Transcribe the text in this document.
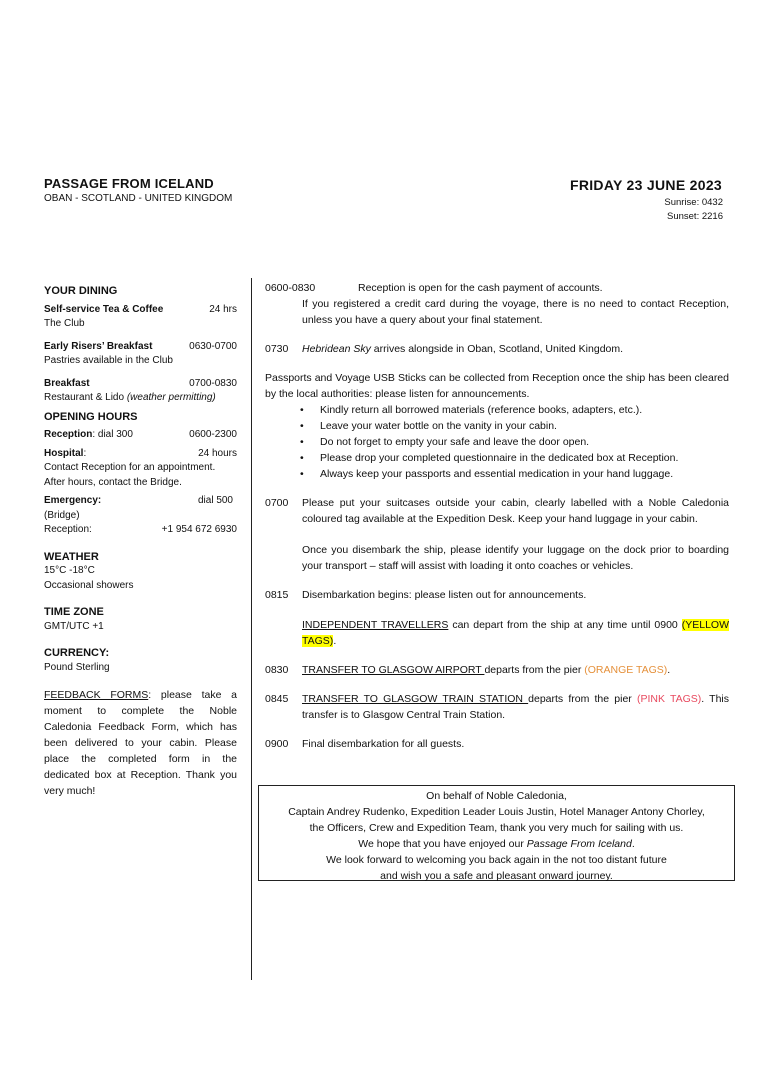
PASSAGE FROM ICELAND
OBAN - SCOTLAND - UNITED KINGDOM
FRIDAY 23 JUNE 2023
Sunrise: 0432
Sunset: 2216
YOUR DINING
Self-service Tea & Coffee	24 hrs
The Club
Early Risers’ Breakfast	0630-0700
Pastries available in the Club
Breakfast	0700-0830
Restaurant & Lido (weather permitting)
OPENING HOURS
Reception: dial 300	0600-2300
Hospital:	24 hours
Contact Reception for an appointment.
After hours, contact the Bridge.
Emergency:	dial 500
(Bridge)
Reception:	+1 954 672 6930
WEATHER
15°C -18°C
Occasional showers
TIME ZONE
GMT/UTC +1
CURRENCY:
Pound Sterling
FEEDBACK FORMS: please take a moment to complete the Noble Caledonia Feedback Form, which has been delivered to your cabin. Please place the completed form in the dedicated box at Reception. Thank you very much!
0600-0830	Reception is open for the cash payment of accounts.

If you registered a credit card during the voyage, there is no need to contact Reception, unless you have a query about your final statement.

0730	Hebridean Sky arrives alongside in Oban, Scotland, United Kingdom.

Passports and Voyage USB Sticks can be collected from Reception once the ship has been cleared by the local authorities: please listen for announcements.

• Kindly return all borrowed materials (reference books, adapters, etc.).
• Leave your water bottle on the vanity in your cabin.
• Do not forget to empty your safe and leave the door open.
• Please drop your completed questionnaire in the dedicated box at Reception.
• Always keep your passports and essential medication in your hand luggage.
0700	Please put your suitcases outside your cabin, clearly labelled with a Noble Caledonia coloured tag available at the Expedition Desk. Keep your hand luggage in your cabin.

Once you disembark the ship, please identify your luggage on the dock prior to boarding your transport – staff will assist with loading it onto coaches or vehicles.

0815	Disembarkation begins: please listen out for announcements.

INDEPENDENT TRAVELLERS can depart from the ship at any time until 0900 (YELLOW TAGS).

0830	TRANSFER TO GLASGOW AIRPORT departs from the pier (ORANGE TAGS).
0845	TRANSFER TO GLASGOW TRAIN STATION departs from the pier (PINK TAGS). This transfer is to Glasgow Central Train Station.
0900	Final disembarkation for all guests.
On behalf of Noble Caledonia,
Captain Andrey Rudenko, Expedition Leader Louis Justin, Hotel Manager Antony Chorley,
the Officers, Crew and Expedition Team, thank you very much for sailing with us.
We hope that you have enjoyed our Passage From Iceland.
We look forward to welcoming you back again in the not too distant future
and wish you a safe and pleasant onward journey.
